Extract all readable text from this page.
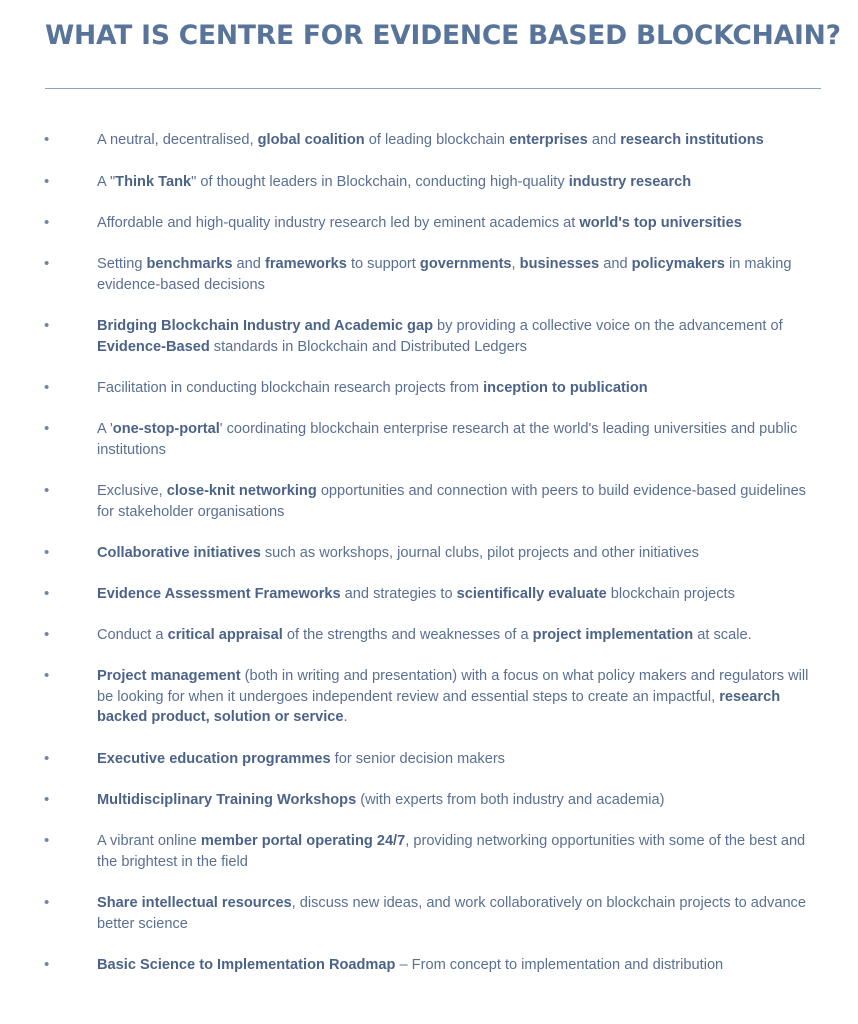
WHAT IS CENTRE FOR EVIDENCE BASED BLOCKCHAIN?
•	A neutral, decentralised, global coalition of leading blockchain enterprises and research institutions
•	A "Think Tank" of thought leaders in Blockchain, conducting high-quality industry research
•	Affordable and high-quality industry research led by eminent academics at world's top universities
•	Setting benchmarks and frameworks to support governments, businesses and policymakers in making evidence-based decisions
•	Bridging Blockchain Industry and Academic gap by providing a collective voice on the advancement of Evidence-Based standards in Blockchain and Distributed Ledgers
•	Facilitation in conducting blockchain research projects from inception to publication
•	A 'one-stop-portal' coordinating blockchain enterprise research at the world's leading universities and public institutions
•	Exclusive, close-knit networking opportunities and connection with peers to build evidence-based guidelines for stakeholder organisations
•	Collaborative initiatives such as workshops, journal clubs, pilot projects and other initiatives
•	Evidence Assessment Frameworks and strategies to scientifically evaluate blockchain projects
•	Conduct a critical appraisal of the strengths and weaknesses of a project implementation at scale.
•	Project management (both in writing and presentation) with a focus on what policy makers and regulators will be looking for when it undergoes independent review and essential steps to create an impactful, research backed product, solution or service.
•	Executive education programmes for senior decision makers
•	Multidisciplinary Training Workshops (with experts from both industry and academia)
•	A vibrant online member portal operating 24/7, providing networking opportunities with some of the best and the brightest in the field
•	Share intellectual resources, discuss new ideas, and work collaboratively on blockchain projects to advance better science
•	Basic Science to Implementation Roadmap – From concept to implementation and distribution
